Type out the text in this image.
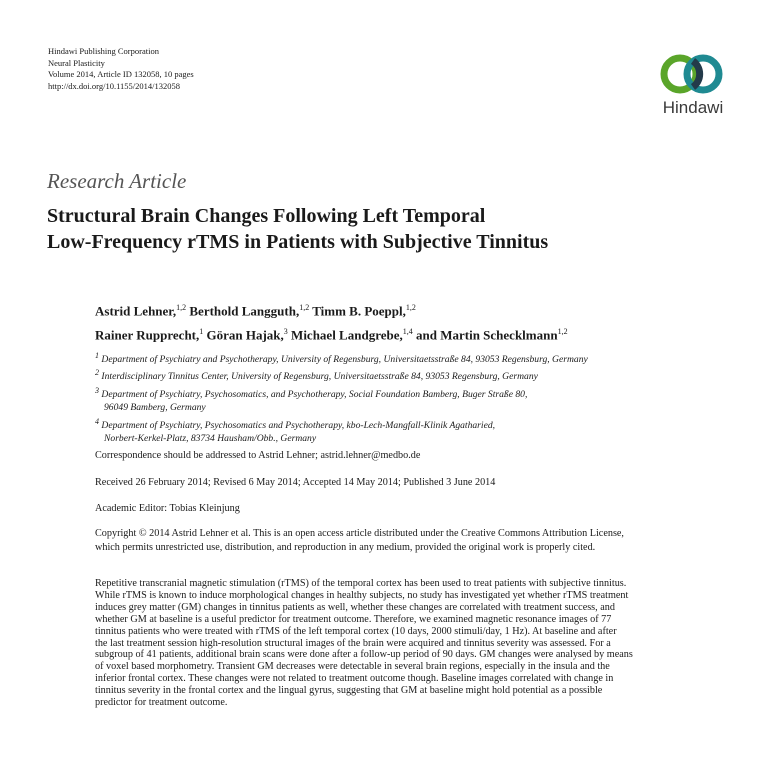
Hindawi Publishing Corporation
Neural Plasticity
Volume 2014, Article ID 132058, 10 pages
http://dx.doi.org/10.1155/2014/132058
Hindawi
Research Article
Structural Brain Changes Following Left Temporal
Low-Frequency rTMS in Patients with Subjective Tinnitus
Astrid Lehner,$^{1,2}$ Berthold Langguth,$^{1,2}$ Timm B. Poeppl,$^{1,2}$
Rainer Rupprecht,$^1$ Göran Hajak,$^3$ Michael Landgrebe,$^{1,4}$ and Martin Schecklmann$^{1,2}$
$^1$ Department of Psychiatry and Psychotherapy, University of Regensburg, Universitaetsstraße 84, 93053 Regensburg, Germany
$^2$ Interdisciplinary Tinnitus Center, University of Regensburg, Universitaetsstraße 84, 93053 Regensburg, Germany
$^3$ Department of Psychiatry, Psychosomatics, and Psychotherapy, Social Foundation Bamberg, Buger Straße 80,
96049 Bamberg, Germany
$^4$ Department of Psychiatry, Psychosomatics and Psychotherapy, kbo-Lech-Mangfall-Klinik Agatharied,
Norbert-Kerkel-Platz, 83734 Hausham/Obb., Germany
Correspondence should be addressed to Astrid Lehner; astrid.lehner@medbo.de
Received 26 February 2014; Revised 6 May 2014; Accepted 14 May 2014; Published 3 June 2014
Academic Editor: Tobias Kleinjung
Copyright © 2014 Astrid Lehner et al. This is an open access article distributed under the Creative Commons Attribution License,
which permits unrestricted use, distribution, and reproduction in any medium, provided the original work is properly cited.
Repetitive transcranial magnetic stimulation (rTMS) of the temporal cortex has been used to treat patients with subjective tinnitus.
While rTMS is known to induce morphological changes in healthy subjects, no study has investigated yet whether rTMS treatment
induces grey matter (GM) changes in tinnitus patients as well, whether these changes are correlated with treatment success, and
whether GM at baseline is a useful predictor for treatment outcome. Therefore, we examined magnetic resonance images of 77
tinnitus patients who were treated with rTMS of the left temporal cortex (10 days, 2000 stimuli/day, 1 Hz). At baseline and after
the last treatment session high-resolution structural images of the brain were acquired and tinnitus severity was assessed. For a
subgroup of 41 patients, additional brain scans were done after a follow-up period of 90 days. GM changes were analysed by means
of voxel based morphometry. Transient GM decreases were detectable in several brain regions, especially in the insula and the
inferior frontal cortex. These changes were not related to treatment outcome though. Baseline images correlated with change in
tinnitus severity in the frontal cortex and the lingual gyrus, suggesting that GM at baseline might hold potential as a possible
predictor for treatment outcome.
